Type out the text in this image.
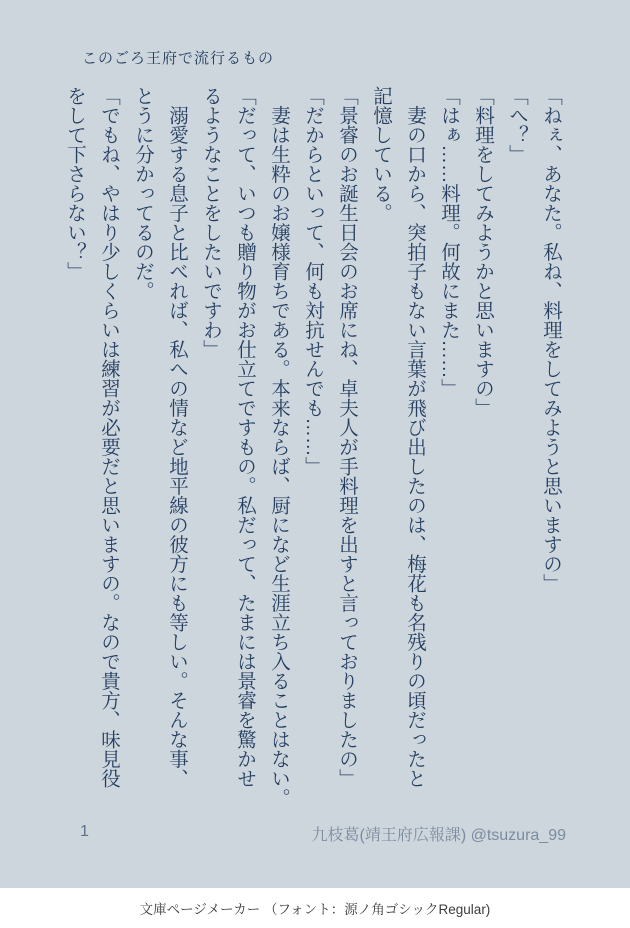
このごろ王府で流行るもの
「ねぇ、あなた。私ね、料理をしてみようと思いますの」
「へ？」
「料理をしてみようかと思いますの」
「はぁ……料理。何故にまた……」
　妻の口から、突拍子もない言葉が飛び出したのは、梅花も名残りの頃だったと
記憶している。
「景睿のお誕生日会のお席にね、卓夫人が手料理を出すと言っておりましたの」
「だからといって、何も対抗せんでも……」
　妻は生粋のお嬢様育ちである。本来ならば、厨になど生涯立ち入ることはない。
「だって、いつも贈り物がお仕立てですもの。私だって、たまには景睿を驚かせ
るようなことをしたいですわ」
　溺愛する息子と比べれば、私への情など地平線の彼方にも等しい。そんな事、
とうに分かってるのだ。
「でもね、やはり少しくらいは練習が必要だと思いますの。なので貴方、味見役
をして下さらない？」
1	九枝葛(靖王府広報課) @tsuzura_99
文庫ページメーカー （フォント：源ノ角ゴシックRegular)
